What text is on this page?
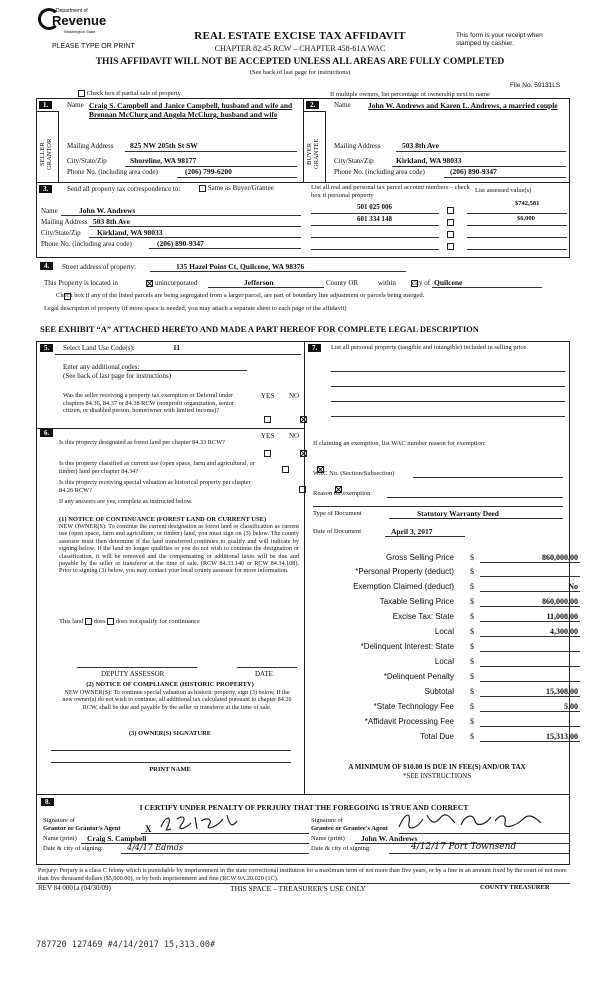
Department of
Revenue
Washington State
PLEASE TYPE OR PRINT
REAL ESTATE EXCISE TAX AFFIDAVIT
CHAPTER 82.45 RCW – CHAPTER 458-61A WAC
This form is your receipt when stamped by cashier.
THIS AFFIDAVIT WILL NOT BE ACCEPTED UNLESS ALL AREAS ARE FULLY COMPLETED
(See back of last page for instructions)
File No. 59131LS
Check box if partial sale of property	If multiple owners, list percentage of ownership next to name
1.
SELLER GRANTOR
Name Craig S. Campbell and Janice Campbell, husband and wife and Brennan McClurg and Angela McClurg, husband and wife
Mailing Address 825 NW 205th St SW
City/State/Zip	Shoreline, WA 98177
Phone No. (including area code)	(206) 799-6200
2.
BUYER GRANTEE
Name John W. Andrews and Karen L. Andrews, a married couple
Mailing Address	503 8th Ave
City/State/Zip	Kirkland, WA 98033
Phone No. (including area code)	(206) 890-9347
3.	Send all property tax correspondence to:	Same as Buyer/Grantee
Name	John W. Andrews
Mailing Address 503 8th Ave
City/State/Zip Kirkland, WA 98033
Phone No. (including area code)	(206) 890-9347
List all real and personal tax parcel account numbers – check box if personal property
List assessed value(s)
501 025 006	$742,581
601 334 148	$6,000
4.	Street address of property:	135 Hazel Point Ct, Quilcene, WA 98376
This Property is located in
	unincorporated	Jefferson	County OR	within
city of Quilcene
Check box if any of the listed parcels are being segregated from a larger parcel, are part of boundary line adjustment or parcels being merged.
Legal description of property (if more space is needed, you may attach a separate sheet to each page of the affidavit)
SEE EXHIBIT “A” ATTACHED HERETO AND MADE A PART HEREOF FOR COMPLETE LEGAL DESCRIPTION
5.	Select Land Use Code(s):	11
Enter any additional codes:
(See back of last page for instructions)
YES NO
Was the seller receiving a property tax exemption or Deferral under chapters 84.36, 84.37 or 84.38 RCW (nonprofit organization, senior citizen, or disabled person, homeowner with limited income)?

6.	YES NO
Is this property designated as forest land per chapter 84.33 RCW?

Is this property classified as current use (open space, farm and agricultural, or timber) land per chapter 84.34?

Is this property receiving special valuation as historical property per chapter 84.26 RCW?

If any answers are yes, complete as instructed below.
(1) NOTICE OF CONTINUANCE (FOREST LAND OR CURRENT USE)
NEW OWNER(S): To continue the current designation as forest land or classification as current use (open space, farm and agriculture, or timber) land, you must sign on (3) below. The county assessor must then determine if the land transferred continues to qualify and will indicate by signing below. If the land no longer qualifies or you do not wish to continue the designation or classification, it will be removed and the compensating or additional taxes will be due and payable by the seller or transferor at the time of sale. (RCW 84.33.140 or RCW 84.34.108). Prior to signing (3) below, you may contact your local county assessor for more information.
This land does does not qualify for continuance
DEPUTY ASSESSOR	DATE
(2) NOTICE OF COMPLIANCE (HISTORIC PROPERTY)
NEW OWNER(S): To continue special valuation as historic property, sign (3) below. If the new owner(s) do not wish to continue, all additional tax calculated pursuant to chapter 84.26 RCW, shall be due and payable by the seller or transferor at the time of sale.
(3) OWNER(S) SIGNATURE
PRINT NAME
7.	List all personal property (tangible and intangible) included in selling price.
If claiming an exemption, list WAC number reason for exemption:
WAC No. (Section/Subsection)
Reason for exemption
Type of Document	Statutory Warranty Deed
Date of Document	April 3, 2017
A MINIMUM OF $10.00 IS DUE IN FEE(S) AND/OR TAX
*SEE INSTRUCTIONS
Gross Selling Price $	860,000.00
*Personal Property (deduct) $

Exemption Claimed (deduct) $	No
Taxable Selling Price $	860,000.00
Excise Tax: State $	11,008.00
Local $	4,300.00
*Delinquent Interest: State $

Local $

*Delinquent Penalty $

Subtotal $	15,308.00
*State Technology Fee $	5.00
*Affidavit Processing Fee $

Total Due $	15,313.00
8.
I CERTIFY UNDER PENALTY OF PERJURY THAT THE FOREGOING IS TRUE AND CORRECT
Signature of
Grantor or Grantor's Agent	X
Name (print) Craig S. Campbell
Date & city of signing:	4/4/17 Edmds
Signature of
Grantee or Grantee's Agent
Name (print) John W. Andrews
Date & city of signing:	4/12/17 Port Townsend
Perjury: Perjury is a class C felony which is punishable by imprisonment in the state correctional institution for a maximum term of not more than five years, or by a fine in an amount fixed by the court of not more than five thousand dollars ($5,000.00), or by both imprisonment and fine (RCW 9A.20.020 (1C).
REV 84 0001a (04/30/09)	THIS SPACE – TREASURER'S USE ONLY	COUNTY TREASURER
787720 127469 #4/14/2017 15,313.00#
